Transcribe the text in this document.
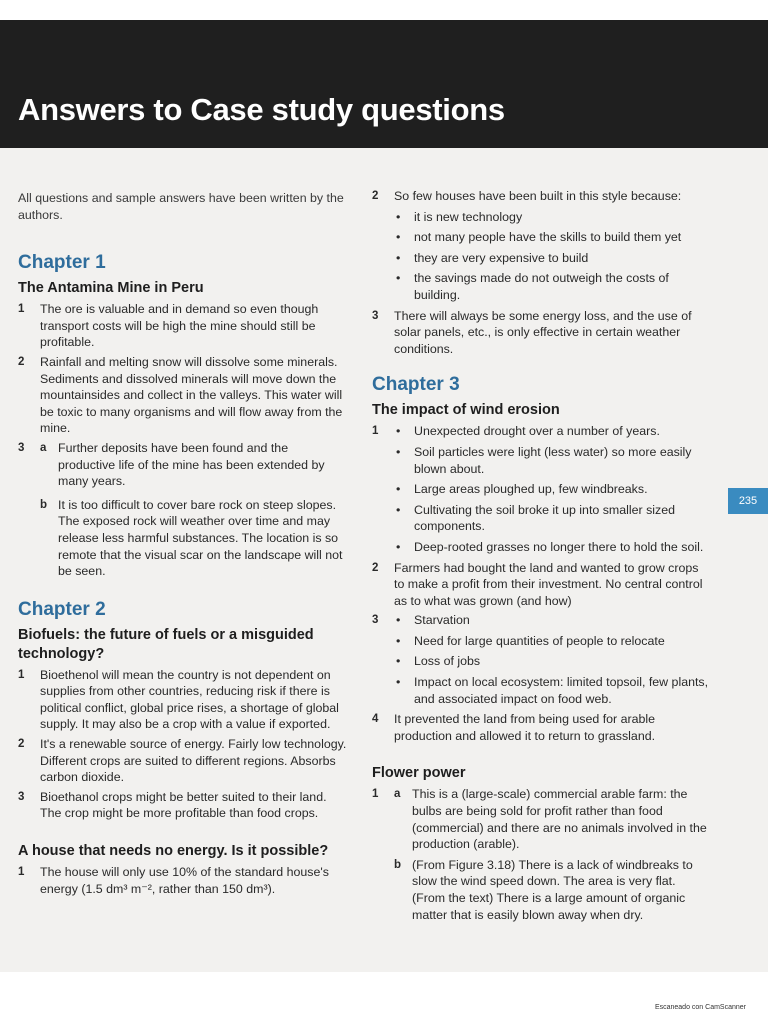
Answers to Case study questions

All questions and sample answers have been written by the authors.

Chapter 1
The Antamina Mine in Peru
1	The ore is valuable and in demand so even though transport costs will be high the mine should still be profitable.
2	Rainfall and melting snow will dissolve some minerals. Sediments and dissolved minerals will move down the mountainsides and collect in the valleys. This water will be toxic to many organisms and will flow away from the mine.
3	a Further deposits have been found and the productive life of the mine has been extended by many years.
b It is too difficult to cover bare rock on steep slopes. The exposed rock will weather over time and may release less harmful substances. The location is so remote that the visual scar on the landscape will not be seen.
Chapter 2
Biofuels: the future of fuels or a misguided technology?
1	Bioethenol will mean the country is not dependent on supplies from other countries, reducing risk if there is political conflict, global price rises, a shortage of global supply. It may also be a crop with a value if exported.
2	It's a renewable source of energy. Fairly low technology. Different crops are suited to different regions. Absorbs carbon dioxide.
3	Bioethanol crops might be better suited to their land. The crop might be more profitable than food crops.
A house that needs no energy. Is it possible?
1	The house will only use 10% of the standard house's energy (1.5 dm³ m⁻², rather than 150 dm³).
2	So few houses have been built in this style because:
•	it is new technology
•	not many people have the skills to build them yet
•	they are very expensive to build
•	the savings made do not outweigh the costs of building.
3	There will always be some energy loss, and the use of solar panels, etc., is only effective in certain weather conditions.
Chapter 3
The impact of wind erosion
1	•	Unexpected drought over a number of years.
•	Soil particles were light (less water) so more easily blown about.
•	Large areas ploughed up, few windbreaks.
•	Cultivating the soil broke it up into smaller sized components.
•	Deep-rooted grasses no longer there to hold the soil.
2	Farmers had bought the land and wanted to grow crops to make a profit from their investment. No central control as to what was grown (and how)
3	•	Starvation
•	Need for large quantities of people to relocate
•	Loss of jobs
•	Impact on local ecosystem: limited topsoil, few plants, and associated impact on food web.
4	It prevented the land from being used for arable production and allowed it to return to grassland.
Flower power
1	a This is a (large-scale) commercial arable farm: the bulbs are being sold for profit rather than food (commercial) and there are no animals involved in the production (arable).
b (From Figure 3.18) There is a lack of windbreaks to slow the wind speed down. The area is very flat. (From the text) There is a large amount of organic matter that is easily blown away when dry.
235
Escaneado con CamScanner
